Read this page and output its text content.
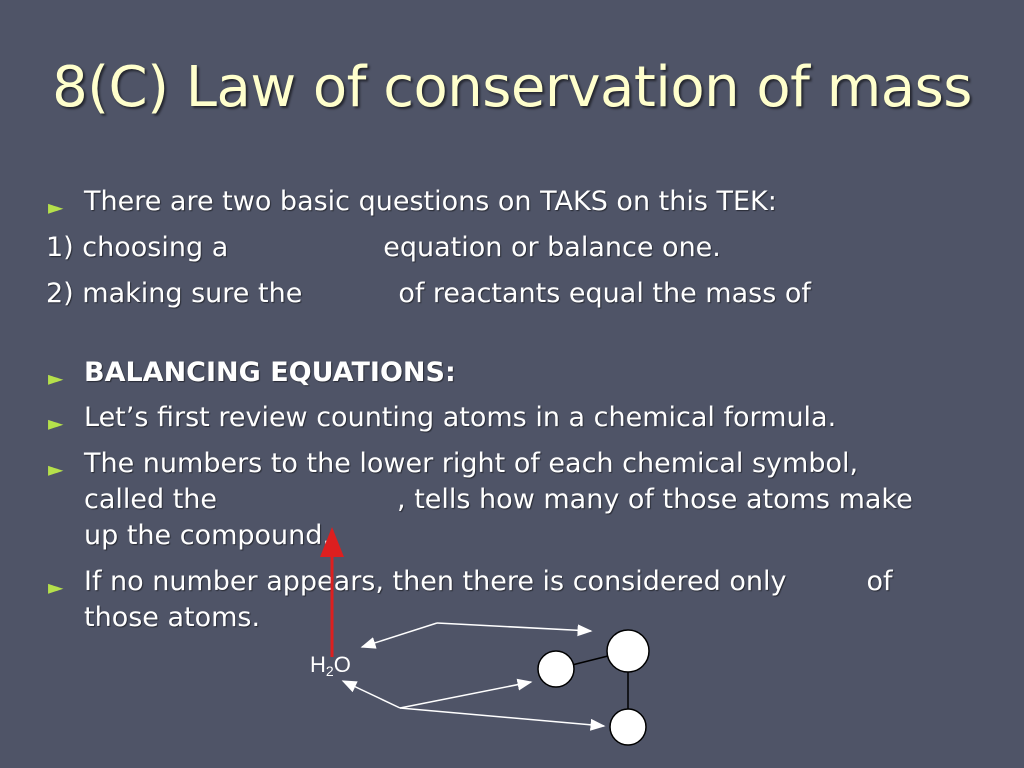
8(C) Law of conservation of mass
► There are two basic questions on TAKS on this TEK:
1) choosing a	equation or balance one.
2) making sure the	of reactants equal the mass of
► BALANCING EQUATIONS:
► Let’s first review counting atoms in a chemical formula.
► The numbers to the lower right of each chemical symbol,
called the	, tells how many of those atoms make
up the compound.
► If no number appears, then there is considered only	of
those atoms.
$H_2O$
